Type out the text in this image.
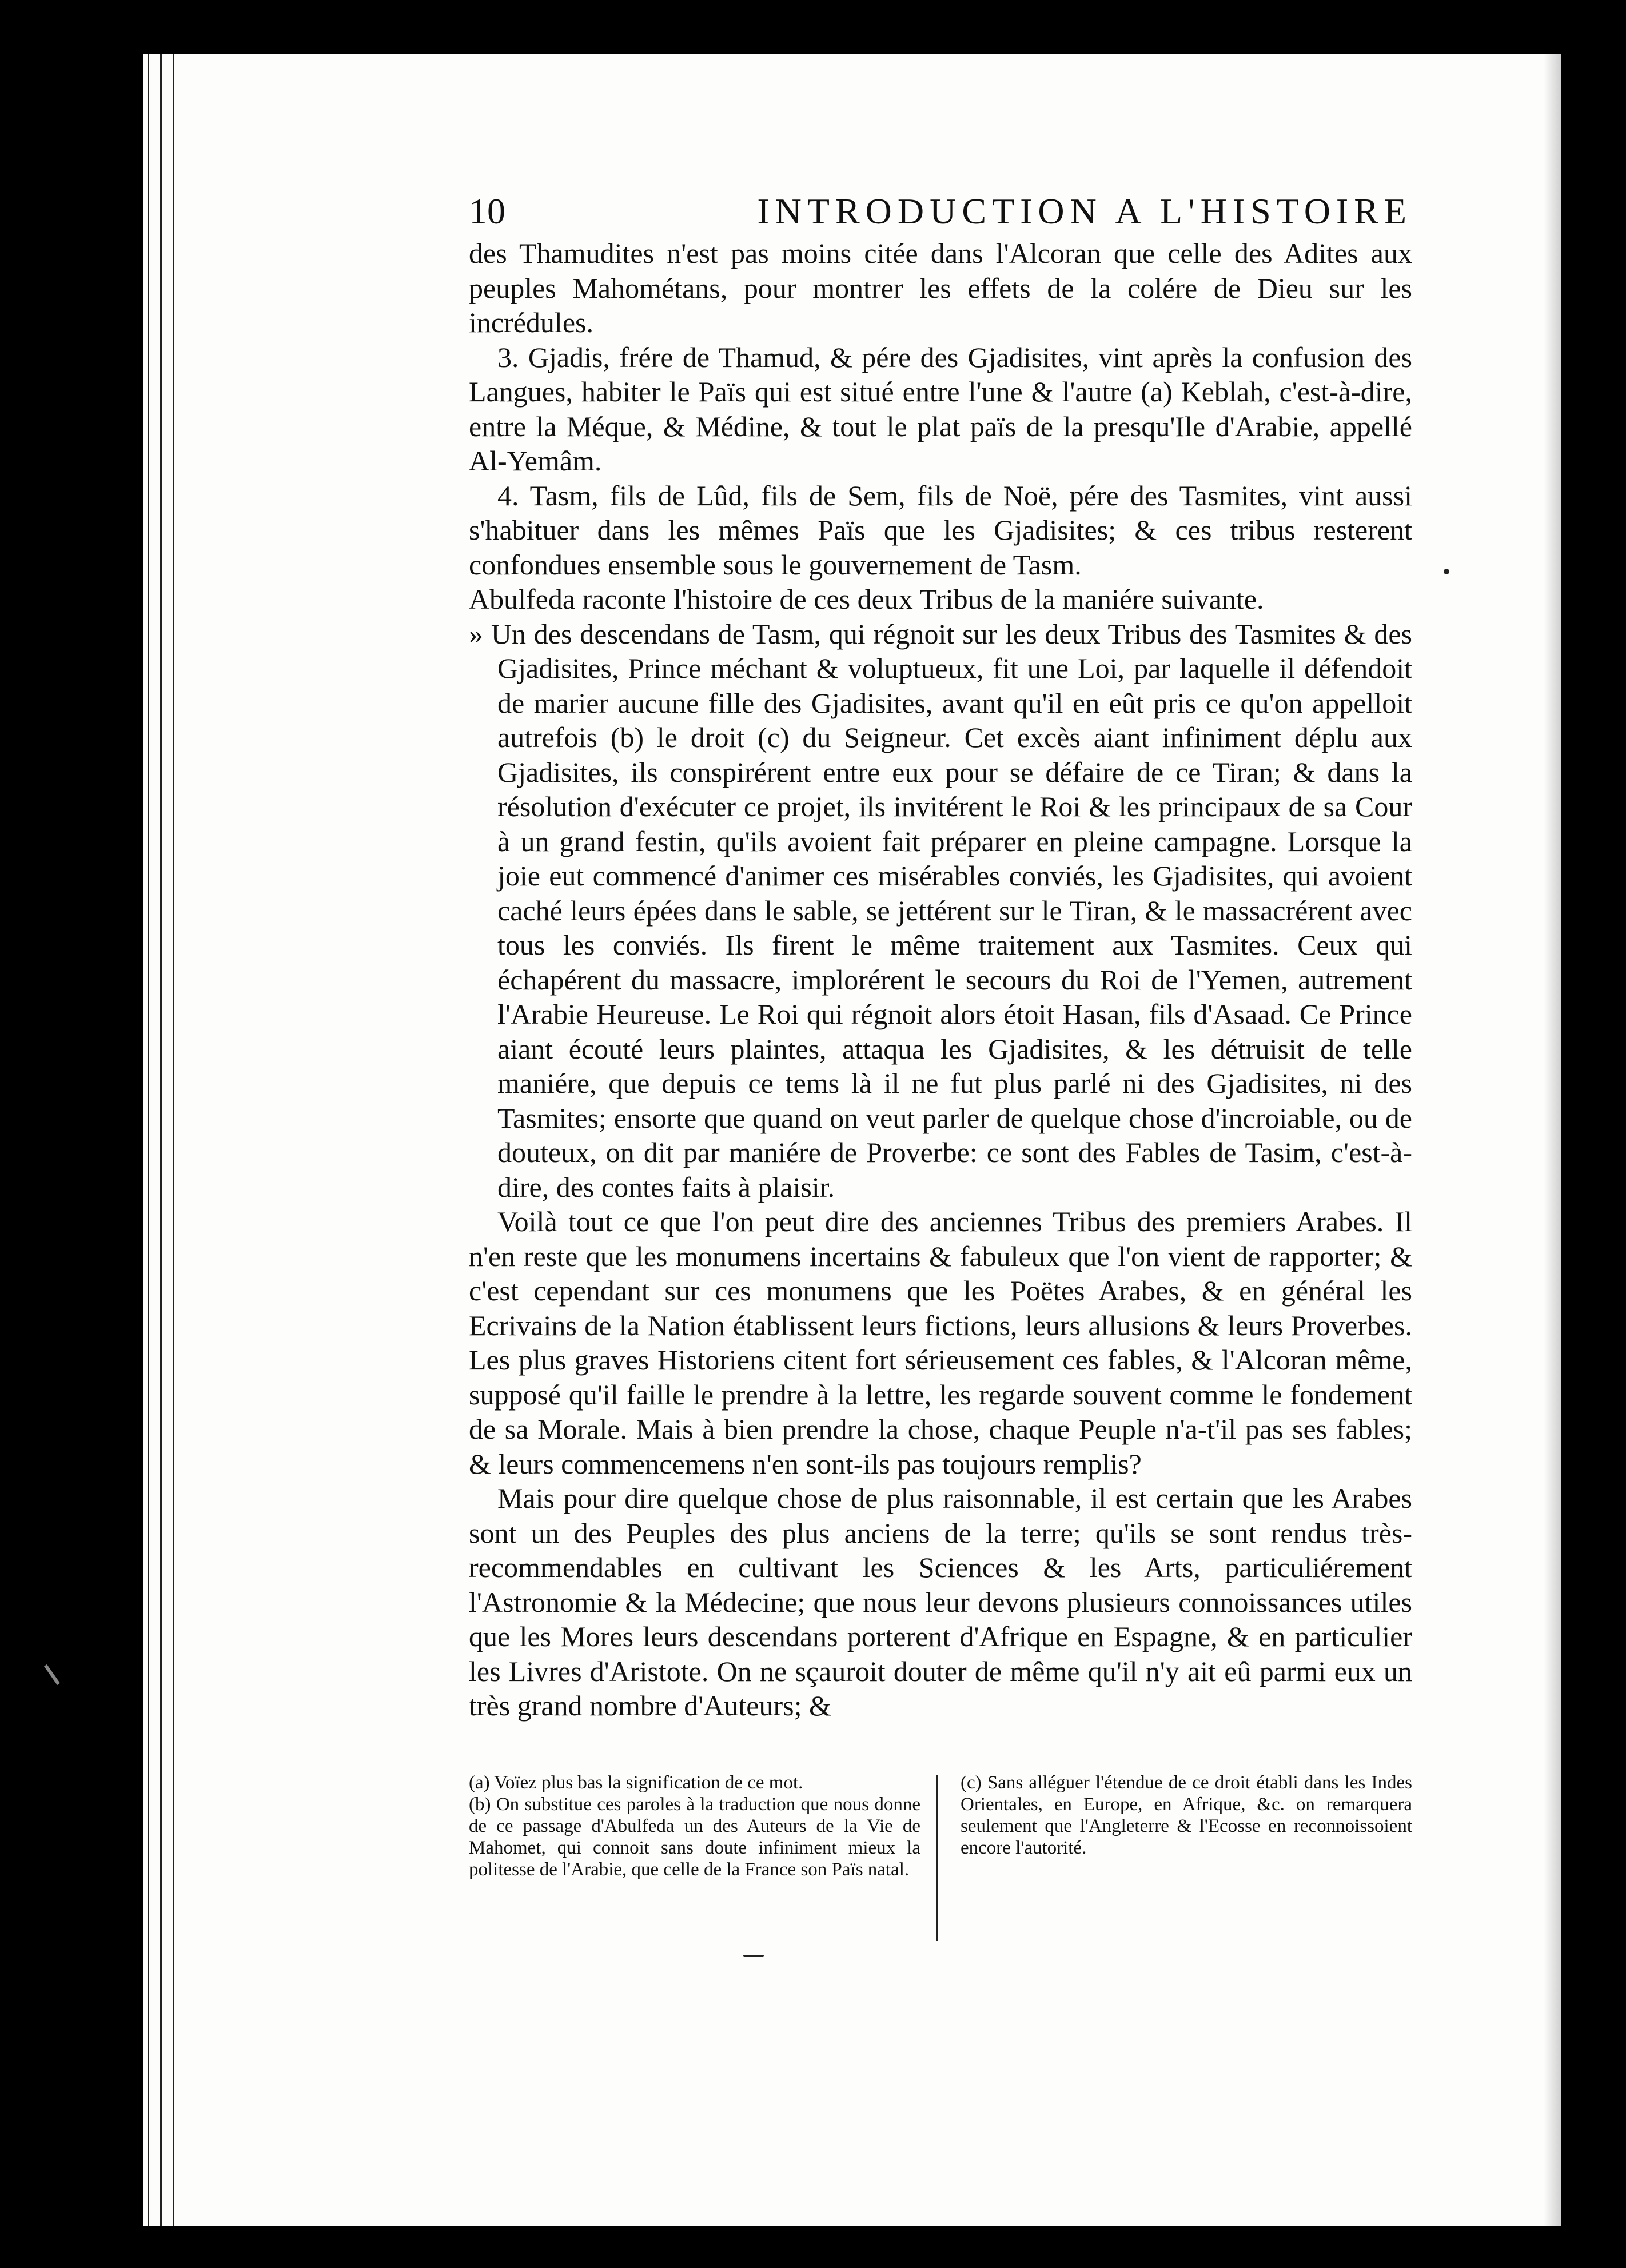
10	INTRODUCTION A L'HISTOIRE

des Thamudites n'est pas moins citée dans l'Alcoran que celle des Adites aux peuples Mahométans, pour montrer les effets de la colére de Dieu sur les incrédules.

3. Gjadis, frére de Thamud, & pére des Gjadisites, vint après la confusion des Langues, habiter le Païs qui est situé entre l'une & l'autre (a) Keblah, c'est-à-dire, entre la Méque, & Médine, & tout le plat païs de la presqu'Ile d'Arabie, appellé Al-Yemâm.

4. Tasm, fils de Lûd, fils de Sem, fils de Noë, pére des Tasmites, vint aussi s'habituer dans les mêmes Païs que les Gjadisites; & ces tribus resterent confondues ensemble sous le gouvernement de Tasm.

Abulfeda raconte l'histoire de ces deux Tribus de la maniére suivante.

» Un des descendans de Tasm, qui régnoit sur les deux Tribus des Tasmites & des Gjadisites, Prince méchant & voluptueux, fit une Loi, par laquelle il défendoit de marier aucune fille des Gjadisites, avant qu'il en eût pris ce qu'on appelloit autrefois (b) le droit (c) du Seigneur. Cet excès aiant infiniment déplu aux Gjadisites, ils conspirérent entre eux pour se défaire de ce Tiran; & dans la résolution d'exécuter ce projet, ils invitérent le Roi & les principaux de sa Cour à un grand festin, qu'ils avoient fait préparer en pleine campagne. Lorsque la joie eut commencé d'animer ces misérables conviés, les Gjadisites, qui avoient caché leurs épées dans le sable, se jettérent sur le Tiran, & le massacrérent avec tous les conviés. Ils firent le même traitement aux Tasmites. Ceux qui échapérent du massacre, implorérent le secours du Roi de l'Yemen, autrement l'Arabie Heureuse. Le Roi qui régnoit alors étoit Hasan, fils d'Asaad. Ce Prince aiant écouté leurs plaintes, attaqua les Gjadisites, & les détruisit de telle maniére, que depuis ce tems là il ne fut plus parlé ni des Gjadisites, ni des Tasmites; ensorte que quand on veut parler de quelque chose d'incroiable, ou de douteux, on dit par maniére de Proverbe: ce sont des Fables de Tasim, c'est-à-dire, des contes faits à plaisir.

Voilà tout ce que l'on peut dire des anciennes Tribus des premiers Arabes. Il n'en reste que les monumens incertains & fabuleux que l'on vient de rapporter; & c'est cependant sur ces monumens que les Poëtes Arabes, & en général les Ecrivains de la Nation établissent leurs fictions, leurs allusions & leurs Proverbes. Les plus graves Historiens citent fort sérieusement ces fables, & l'Alcoran même, supposé qu'il faille le prendre à la lettre, les regarde souvent comme le fondement de sa Morale. Mais à bien prendre la chose, chaque Peuple n'a-t'il pas ses fables; & leurs commencemens n'en sont-ils pas toujours remplis?

Mais pour dire quelque chose de plus raisonnable, il est certain que les Arabes sont un des Peuples des plus anciens de la terre; qu'ils se sont rendus très-recommendables en cultivant les Sciences & les Arts, particuliérement l'Astronomie & la Médecine; que nous leur devons plusieurs connoissances utiles que les Mores leurs descendans porterent d'Afrique en Espagne, & en particulier les Livres d'Aristote. On ne sçauroit douter de même qu'il n'y ait eû parmi eux un très grand nombre d'Auteurs; &

(a) Voïez plus bas la signification de ce mot.

(b) On substitue ces paroles à la traduction que nous donne de ce passage d'Abulfeda un des Auteurs de la Vie de Mahomet, qui connoit sans doute infiniment mieux la politesse de l'Arabie, que celle de la France son Païs natal.

(c) Sans alléguer l'étendue de ce droit établi dans les Indes Orientales, en Europe, en Afrique, &c. on remarquera seulement que l'Angleterre & l'Ecosse en reconnoissoient encore l'autorité.
